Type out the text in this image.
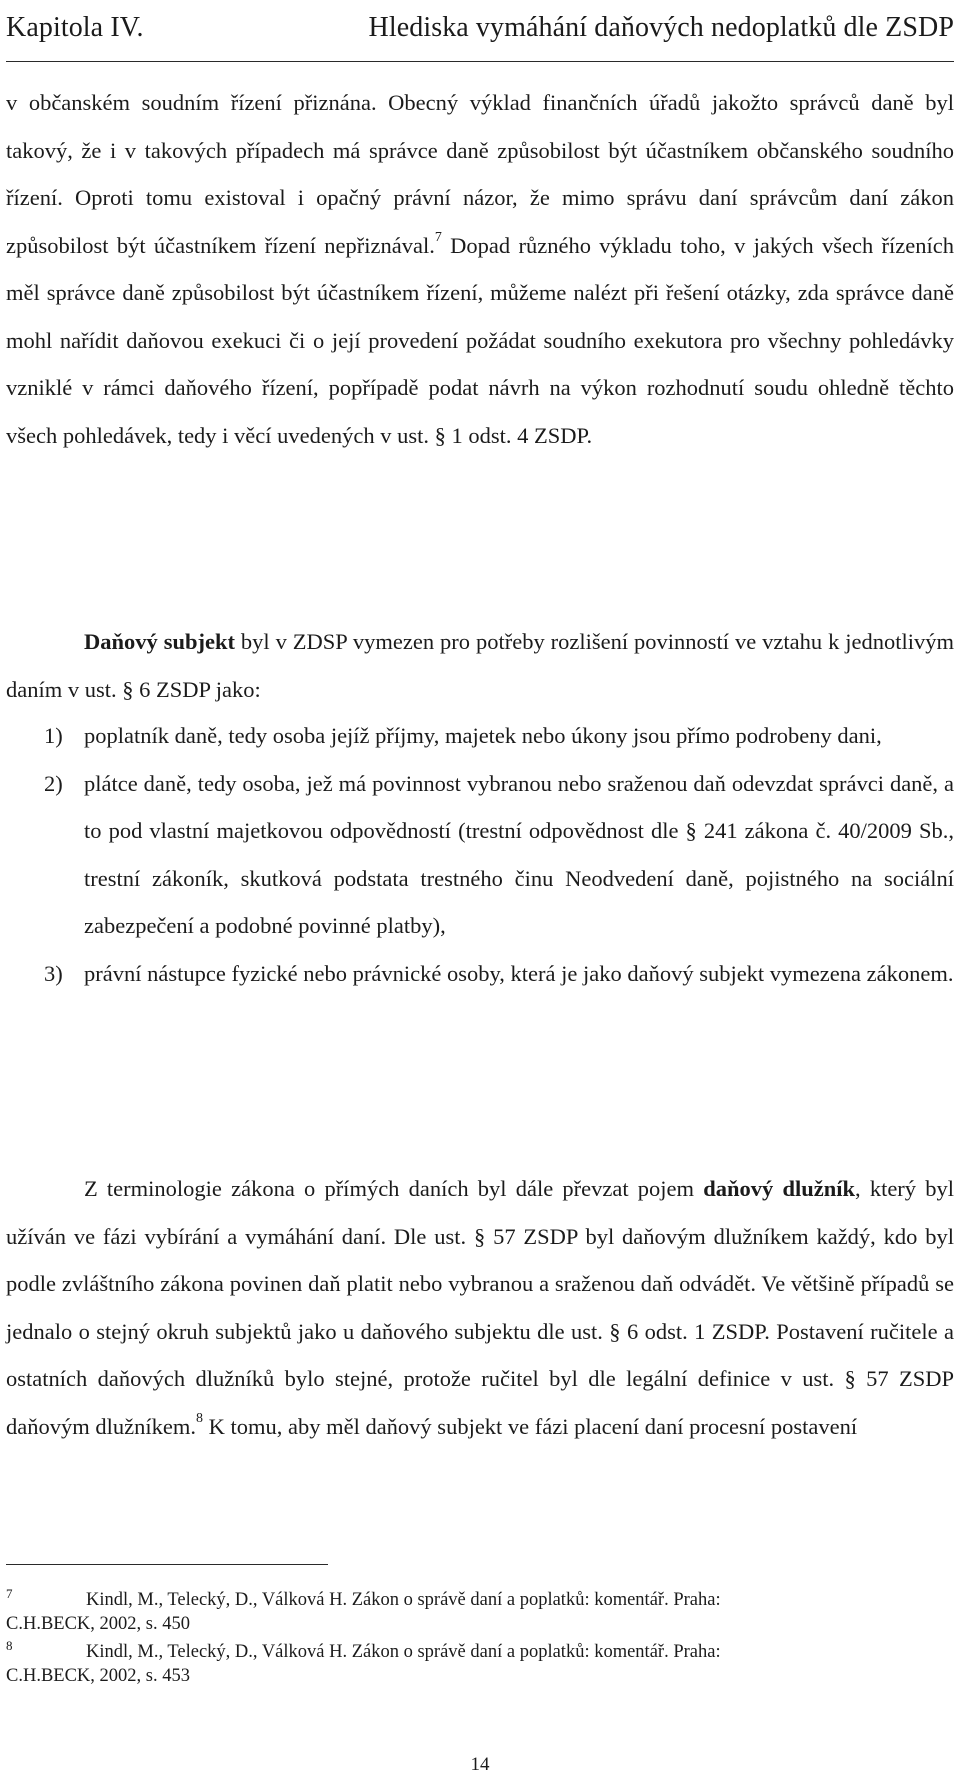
Kapitola IV.	Hlediska vymáhání daňových nedoplatků dle ZSDP

v občanském soudním řízení přiznána. Obecný výklad finančních úřadů jakožto správců daně byl takový, že i v takových případech má správce daně způsobilost být účastníkem občanského soudního řízení. Oproti tomu existoval i opačný právní názor, že mimo správu daní správcům daní zákon způsobilost být účastníkem řízení nepřiznával.$^7$ Dopad různého výkladu toho, v jakých všech řízeních měl správce daně způsobilost být účastníkem řízení, můžeme nalézt při řešení otázky, zda správce daně mohl nařídit daňovou exekuci či o její provedení požádat soudního exekutora pro všechny pohledávky vzniklé v rámci daňového řízení, popřípadě podat návrh na výkon rozhodnutí soudu ohledně těchto všech pohledávek, tedy i věcí uvedených v ust. § 1 odst. 4 ZSDP.

Daňový subjekt byl v ZDSP vymezen pro potřeby rozlišení povinností ve vztahu k jednotlivým daním v ust. § 6 ZSDP jako:

1) poplatník daně, tedy osoba jejíž příjmy, majetek nebo úkony jsou přímo podrobeny dani,
2) plátce daně, tedy osoba, jež má povinnost vybranou nebo sraženou daň odevzdat správci daně, a to pod vlastní majetkovou odpovědností (trestní odpovědnost dle § 241 zákona č. 40/2009 Sb., trestní zákoník, skutková podstata trestného činu Neodvedení daně, pojistného na sociální zabezpečení a podobné povinné platby),
3) právní nástupce fyzické nebo právnické osoby, která je jako daňový subjekt vymezena zákonem.

Z terminologie zákona o přímých daních byl dále převzat pojem daňový dlužník, který byl užíván ve fázi vybírání a vymáhání daní. Dle ust. § 57 ZSDP byl daňovým dlužníkem každý, kdo byl podle zvláštního zákona povinen daň platit nebo vybranou a sraženou daň odvádět. Ve většině případů se jednalo o stejný okruh subjektů jako u daňového subjektu dle ust. § 6 odst. 1 ZSDP. Postavení ručitele a ostatních daňových dlužníků bylo stejné, protože ručitel byl dle legální definice v ust. § 57 ZSDP daňovým dlužníkem.$^8$ K tomu, aby měl daňový subjekt ve fázi placení daní procesní postavení

7	Kindl, M., Telecký, D., Válková H. Zákon o správě daní a poplatků: komentář. Praha:
C.H.BECK, 2002, s. 450
8	Kindl, M., Telecký, D., Válková H. Zákon o správě daní a poplatků: komentář. Praha:
C.H.BECK, 2002, s. 453
14
